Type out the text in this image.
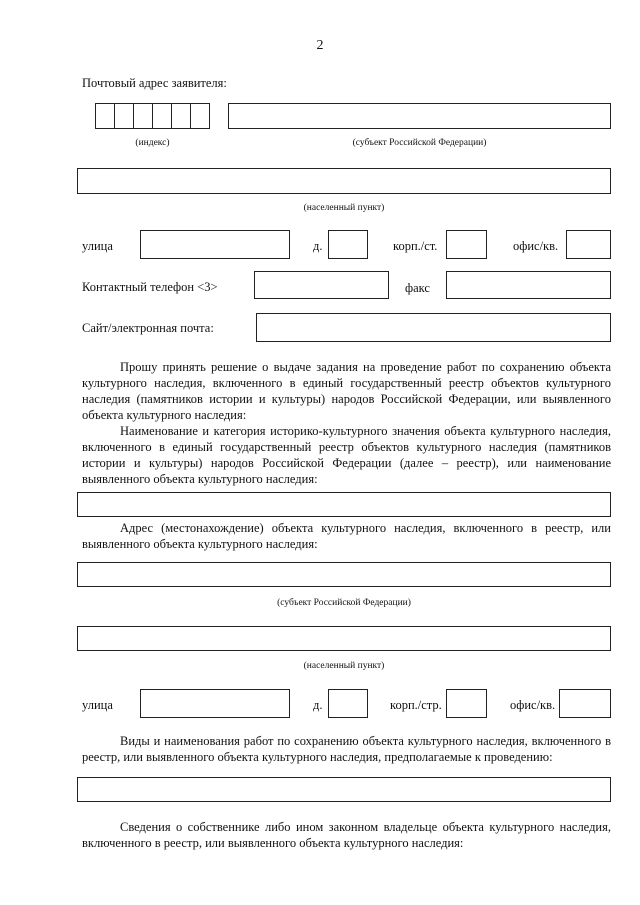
2
Почтовый адрес заявителя:
(индекс)	(субъект Российской Федерации)
(населенный пункт)
улица	д.	корп./ст.	офис/кв.
Контактный телефон <3>	факс
Сайт/электронная почта:
Прошу принять решение о выдаче задания на проведение работ по сохранению объекта культурного наследия, включенного в единый государственный реестр объектов культурного наследия (памятников истории и культуры) народов Российской Федерации, или выявленного объекта культурного наследия:
Наименование и категория историко-культурного значения объекта культурного наследия, включенного в единый государственный реестр объектов культурного наследия (памятников истории и культуры) народов Российской Федерации (далее – реестр), или наименование выявленного объекта культурного наследия:
Адрес (местонахождение) объекта культурного наследия, включенного в реестр, или выявленного объекта культурного наследия:
(субъект Российской Федерации)
(населенный пункт)
улица	д.	корп./стр.	офис/кв.
Виды и наименования работ по сохранению объекта культурного наследия, включенного в реестр, или выявленного объекта культурного наследия, предполагаемые к проведению:
Сведения о собственнике либо ином законном владельце объекта культурного наследия, включенного в реестр, или выявленного объекта культурного наследия:
